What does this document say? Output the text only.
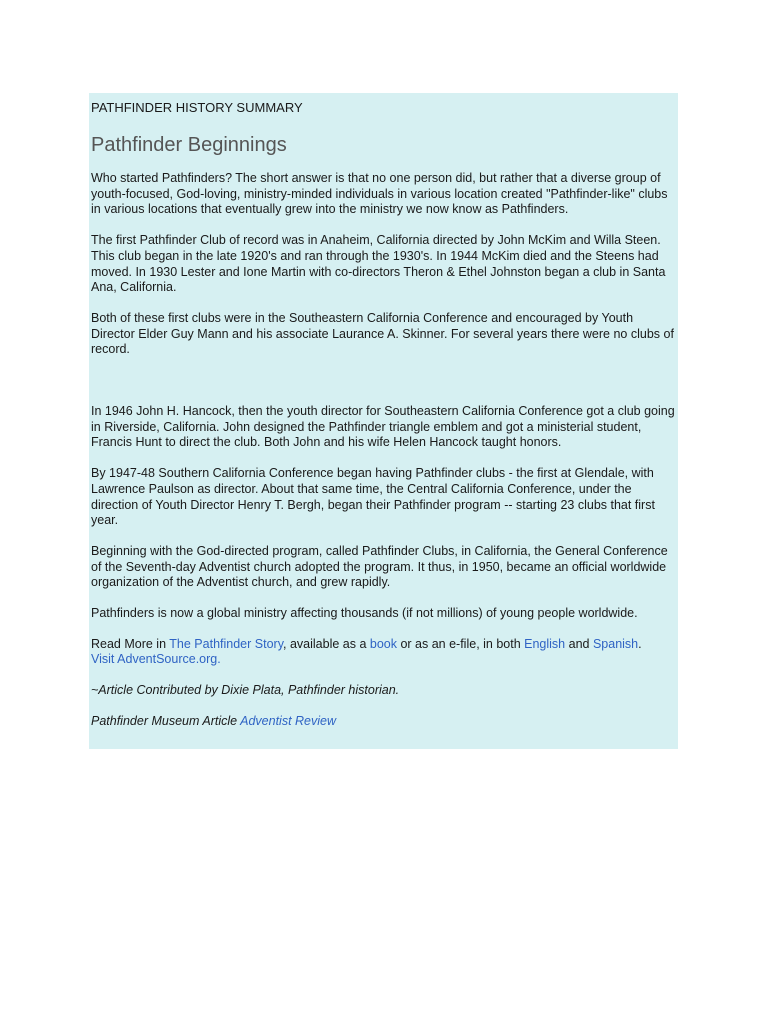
PATHFINDER HISTORY SUMMARY
Pathfinder Beginnings

Who started Pathfinders? The short answer is that no one person did, but rather that a diverse group of youth-focused, God-loving, ministry-minded individuals in various location created "Pathfinder-like" clubs in various locations that eventually grew into the ministry we now know as Pathfinders.

The first Pathfinder Club of record was in Anaheim, California directed by John McKim and Willa Steen. This club began in the late 1920's and ran through the 1930's. In 1944 McKim died and the Steens had moved. In 1930 Lester and Ione Martin with co-directors Theron & Ethel Johnston began a club in Santa Ana, California.

Both of these first clubs were in the Southeastern California Conference and encouraged by Youth Director Elder Guy Mann and his associate Laurance A. Skinner. For several years there were no clubs of record.

In 1946 John H. Hancock, then the youth director for Southeastern California Conference got a club going in Riverside, California. John designed the Pathfinder triangle emblem and got a ministerial student, Francis Hunt to direct the club. Both John and his wife Helen Hancock taught honors.

By 1947-48 Southern California Conference began having Pathfinder clubs - the first at Glendale, with Lawrence Paulson as director. About that same time, the Central California Conference, under the direction of Youth Director Henry T. Bergh, began their Pathfinder program -- starting 23 clubs that first year.

Beginning with the God-directed program, called Pathfinder Clubs, in California, the General Conference of the Seventh-day Adventist church adopted the program. It thus, in 1950, became an official worldwide organization of the Adventist church, and grew rapidly.

Pathfinders is now a global ministry affecting thousands (if not millions) of young people worldwide.

Read More in The Pathfinder Story, available as a book or as an e-file, in both English and Spanish.
Visit AdventSource.org.

~Article Contributed by Dixie Plata, Pathfinder historian.

Pathfinder Museum Article Adventist Review
